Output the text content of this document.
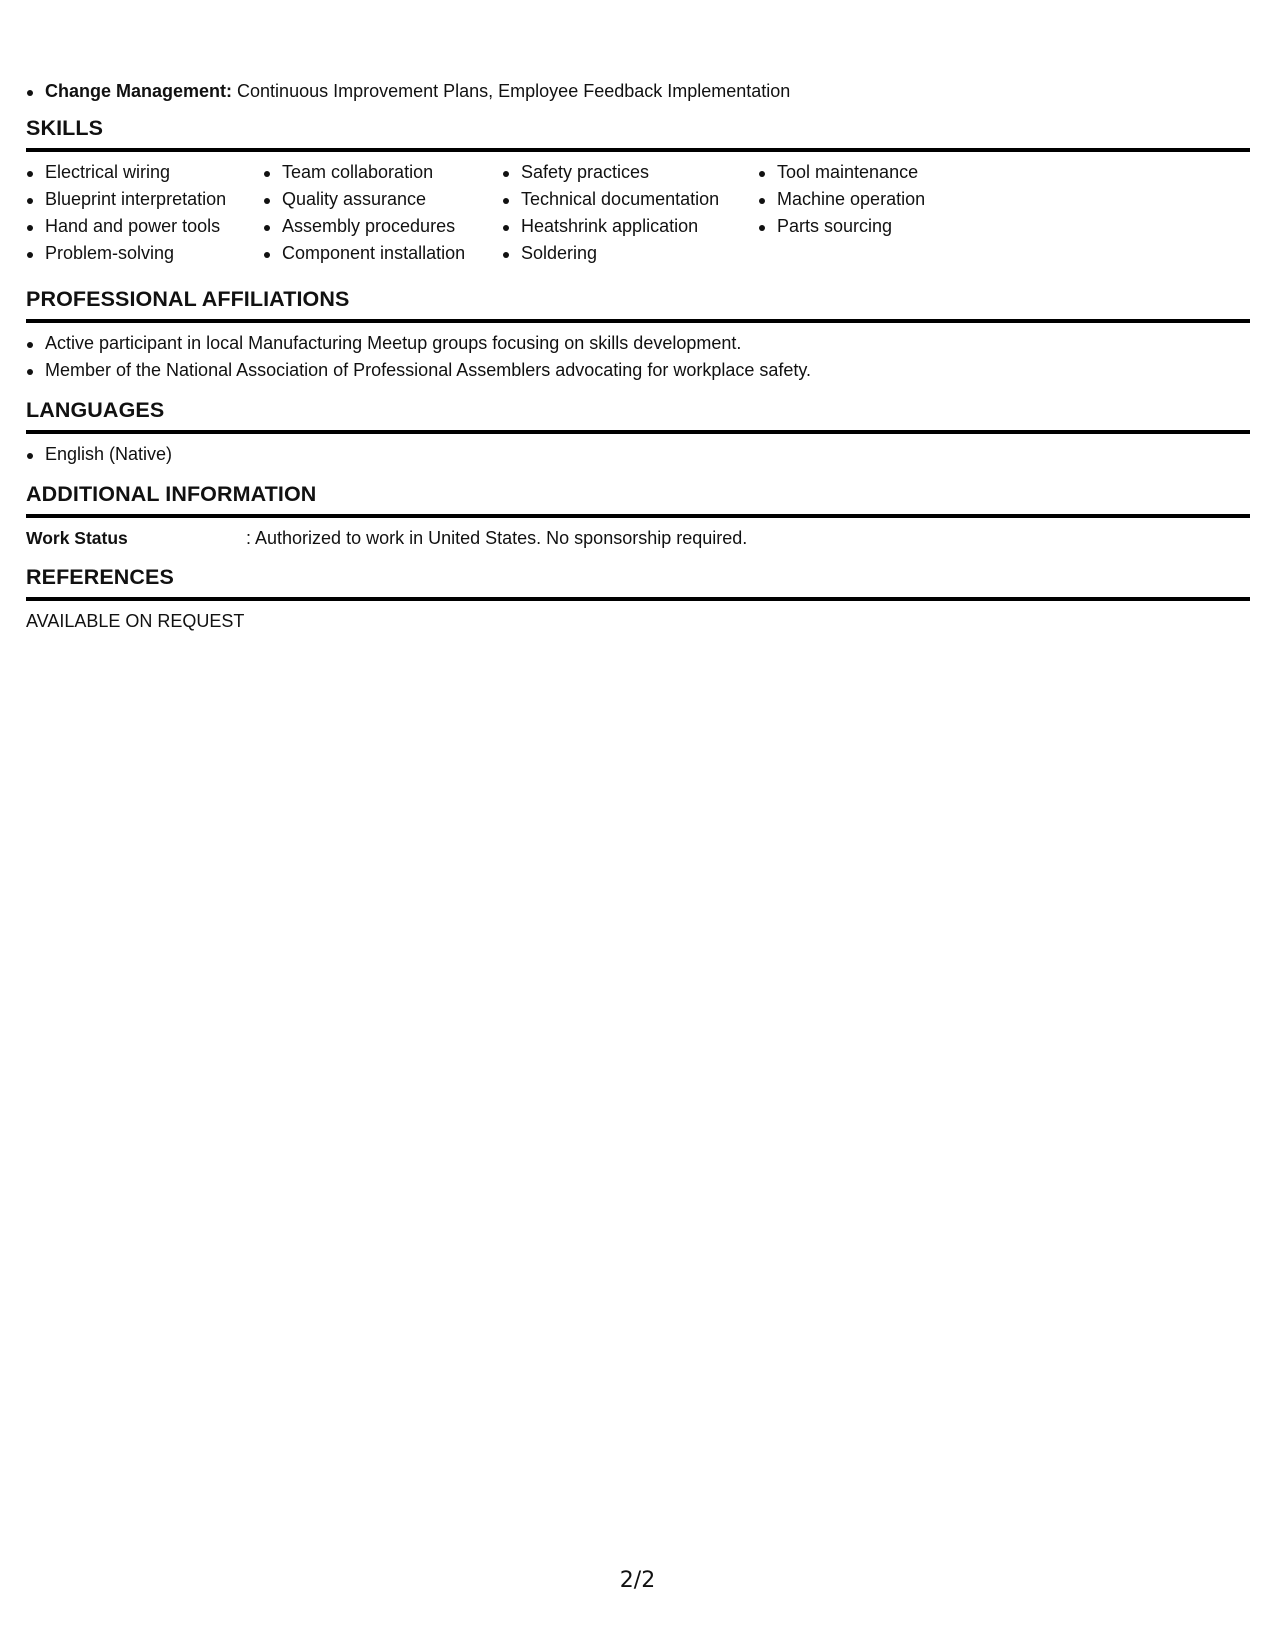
Change Management: Continuous Improvement Plans, Employee Feedback Implementation
SKILLS
Electrical wiring
Blueprint interpretation
Hand and power tools
Problem-solving
Team collaboration
Quality assurance
Assembly procedures
Component installation
Safety practices
Technical documentation
Heatshrink application
Soldering
Tool maintenance
Machine operation
Parts sourcing
PROFESSIONAL AFFILIATIONS
Active participant in local Manufacturing Meetup groups focusing on skills development.
Member of the National Association of Professional Assemblers advocating for workplace safety.
LANGUAGES
English (Native)
ADDITIONAL INFORMATION
Work Status	: Authorized to work in United States. No sponsorship required.
REFERENCES
AVAILABLE ON REQUEST
2/2
